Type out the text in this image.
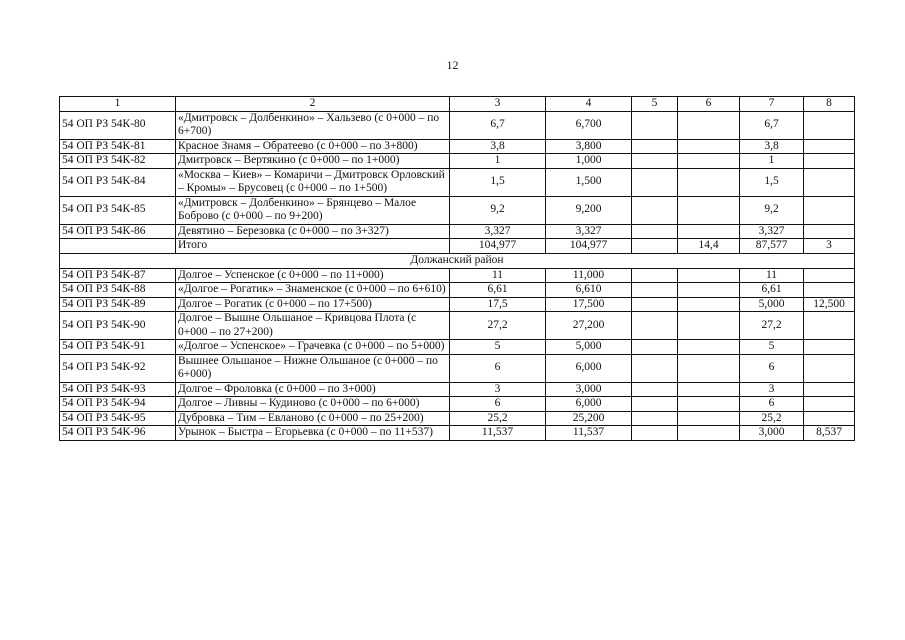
12
1	2	3	4	5	6	7	8
54 ОП РЗ 54К-80	«Дмитровск – Долбенкино» – Хальзево (с 0+000 – по 6+700)	6,7	6,700			6,7	
54 ОП РЗ 54К-81	Красное Знамя – Обратеево (с 0+000 – по 3+800)	3,8	3,800			3,8	
54 ОП РЗ 54К-82	Дмитровск – Вертякино (с 0+000 – по 1+000)	1	1,000			1	
54 ОП РЗ 54К-84	«Москва – Киев» – Комаричи – Дмитровск Орловский – Кромы» – Брусовец (с 0+000 – по 1+500)	1,5	1,500			1,5	
54 ОП РЗ 54К-85	«Дмитровск – Долбенкино» – Брянцево – Малое Боброво (с 0+000 – по 9+200)	9,2	9,200			9,2	
54 ОП РЗ 54К-86	Девятино – Березовка (с 0+000 – по 3+327)	3,327	3,327			3,327	
	Итого	104,977	104,977		14,4	87,577	3
Должанский район							
54 ОП РЗ 54К-87	Долгое – Успенское (с 0+000 – по 11+000)	11	11,000			11	
54 ОП РЗ 54К-88	«Долгое – Рогатик» – Знаменское (с 0+000 – по 6+610)	6,61	6,610			6,61	
54 ОП РЗ 54К-89	Долгое – Рогатик (с 0+000 – по 17+500)	17,5	17,500			5,000	12,500
54 ОП РЗ 54К-90	Долгое – Вышне Ольшаное – Кривцова Плота (с 0+000 – по 27+200)	27,2	27,200			27,2	
54 ОП РЗ 54К-91	«Долгое – Успенское» – Грачевка (с 0+000 – по 5+000)	5	5,000			5	
54 ОП РЗ 54К-92	Вышнее Ольшаное – Нижне Ольшаное (с 0+000 – по 6+000)	6	6,000			6	
54 ОП РЗ 54К-93	Долгое – Фроловка (с 0+000 – по 3+000)	3	3,000			3	
54 ОП РЗ 54К-94	Долгое – Ливны – Кудиново (с 0+000 – по 6+000)	6	6,000			6	
54 ОП РЗ 54К-95	Дубровка – Тим – Евланово (с 0+000 – по 25+200)	25,2	25,200			25,2	
54 ОП РЗ 54К-96	Урынок – Быстра – Егорьевка (с 0+000 – по 11+537)	11,537	11,537			3,000	8,537
